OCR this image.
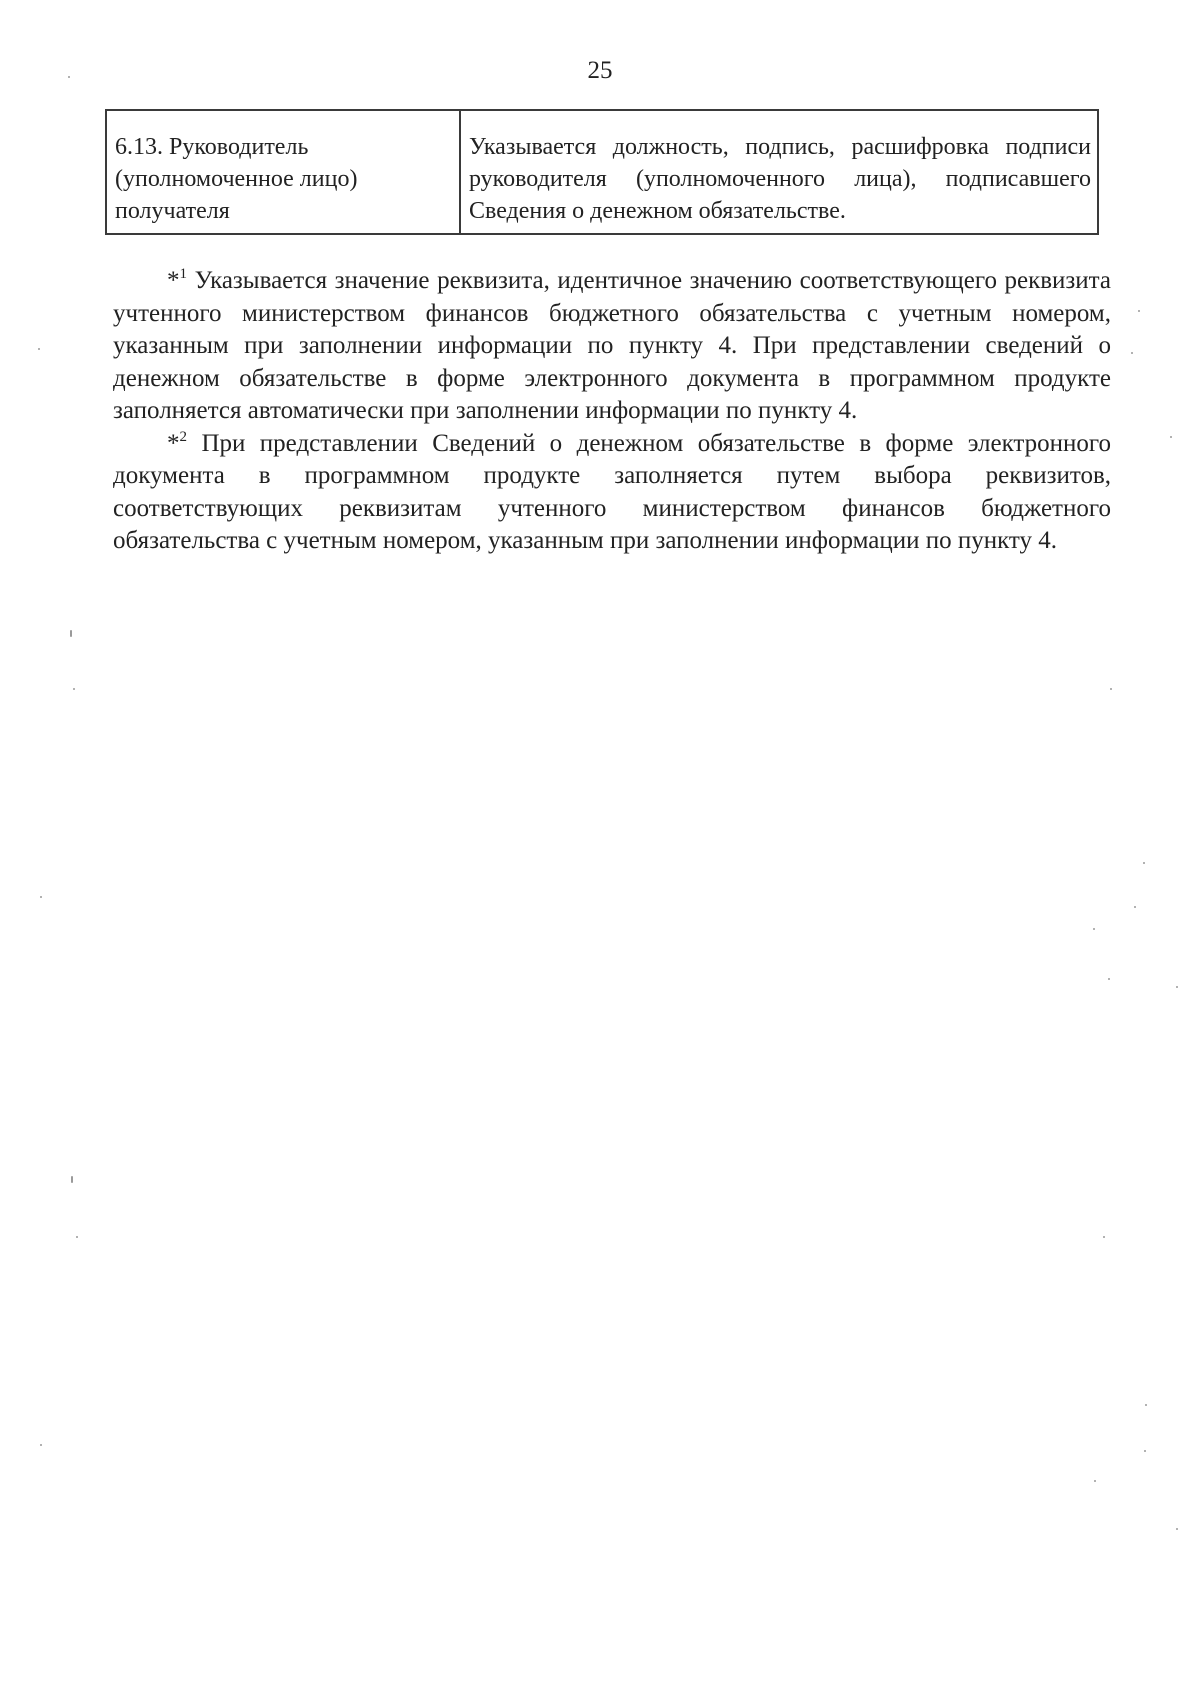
25
6.13. Руководитель (уполномоченное лицо) получателя	Указывается должность, подпись, расшифровка подписи руководителя (уполномоченного лица), подписавшего Сведения о денежном обязательстве.

*$^1$ Указывается значение реквизита, идентичное значению соответствующего реквизита учтенного министерством финансов бюджетного обязательства с учетным номером, указанным при заполнении информации по пункту 4. При представлении сведений о денежном обязательстве в форме электронного документа в программном продукте заполняется автоматически при заполнении информации по пункту 4.

*$^2$ При представлении Сведений о денежном обязательстве в форме электронного документа в программном продукте заполняется путем выбора реквизитов, соответствующих реквизитам учтенного министерством финансов бюджетного обязательства с учетным номером, указанным при заполнении информации по пункту 4.
